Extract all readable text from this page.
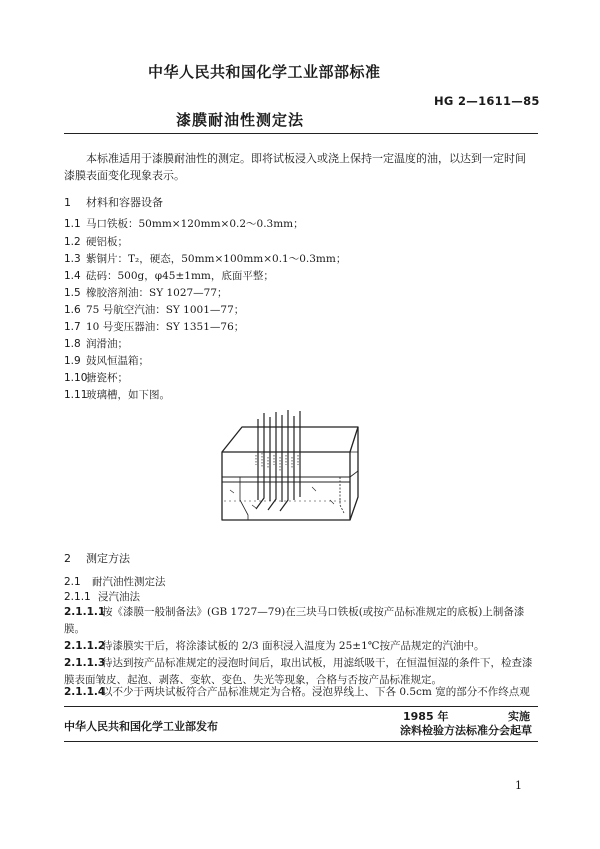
中华人民共和国化学工业部部标准
HG 2—1611—85
漆膜耐油性测定法
本标准适用于漆膜耐油性的测定。即将试板浸入或浇上保持一定温度的油，以达到一定时间漆膜表面变化现象表示。
1 材料和容器设备
1.1 马口铁板：50mm×120mm×0.2～0.3mm；
1.2 硬铝板；
1.3 紫铜片：T₂，硬态，50mm×100mm×0.1～0.3mm；
1.4 砝码：500g，φ45±1mm，底面平整；
1.5 橡胶溶剂油：SY 1027—77；
1.6 75 号航空汽油：SY 1001—77；
1.7 10 号变压器油：SY 1351—76；
1.8 润滑油；
1.9 鼓风恒温箱；
1.10搪瓷杯；
1.11玻璃槽，如下图。
2 测定方法
2.1 耐汽油性测定法
2.1.1 浸汽油法
2.1.1.1按《漆膜一般制备法》(GB 1727—79)在三块马口铁板(或按产品标准规定的底板)上制备漆膜。
2.1.1.2待漆膜实干后，将涂漆试板的 2/3 面积浸入温度为 25±1℃按产品规定的汽油中。
2.1.1.3待达到按产品标准规定的浸泡时间后，取出试板，用滤纸吸干，在恒温恒湿的条件下，检查漆膜表面皱皮、起泡、剥落、变软、变色、失光等现象，合格与否按产品标准规定。
2.1.1.4以不少于两块试板符合产品标准规定为合格。浸泡界线上、下各 0.5cm 宽的部分不作终点观
中华人民共和国化学工业部发布
1985 年	实施
涂料检验方法标准分会起草
1
